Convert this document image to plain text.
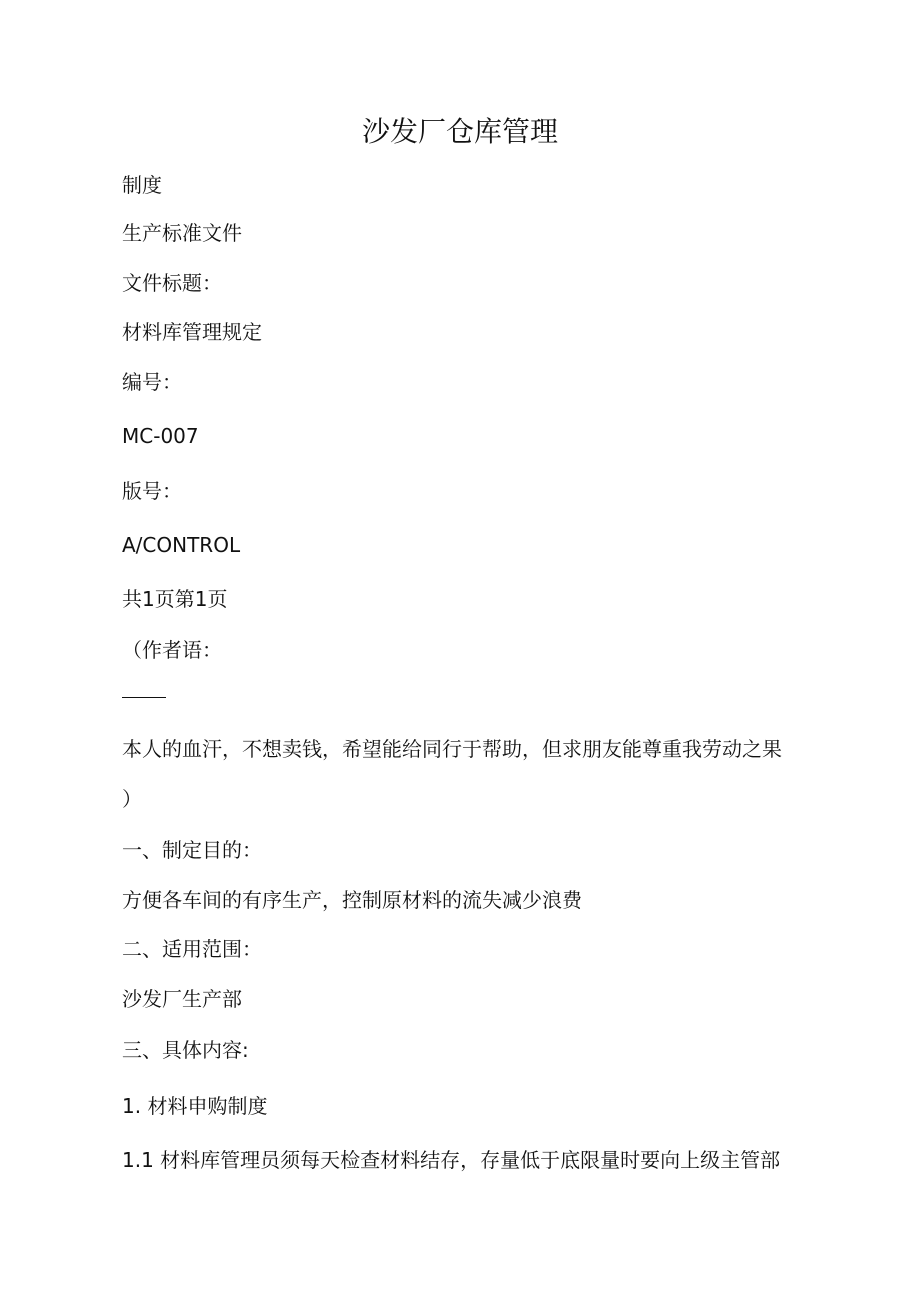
沙发厂仓库管理
制度
生产标准文件
文件标题：
材料库管理规定
编号：
MC-007
版号：
A/CONTROL
共1页第1页
（作者语：
本人的血汗，不想卖钱，希望能给同行于帮助，但求朋友能尊重我劳动之果
）
一、制定目的：
方便各车间的有序生产，控制原材料的流失减少浪费
二、适用范围：
沙发厂生产部
三、具体内容:
1. 材料申购制度
1.1 材料库管理员须每天检查材料结存，存量低于底限量时要向上级主管部
